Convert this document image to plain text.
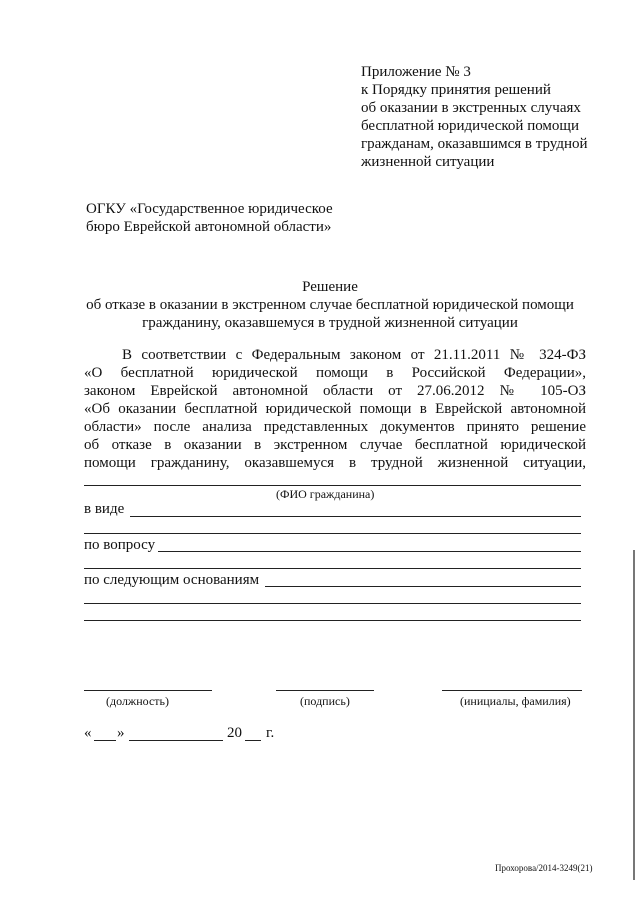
Приложение № 3
к Порядку принятия решений
об оказании в экстренных случаях
бесплатной юридической помощи
гражданам, оказавшимся в трудной
жизненной ситуации
ОГКУ «Государственное юридическое
бюро Еврейской автономной области»
Решение
об отказе в оказании в экстренном случае бесплатной юридической помощи
гражданину, оказавшемуся в трудной жизненной ситуации
В соответствии с Федеральным законом от 21.11.2011 № 324-ФЗ
«О бесплатной юридической помощи в Российской Федерации»,
законом Еврейской автономной области от 27.06.2012 № 105-ОЗ
«Об оказании бесплатной юридической помощи в Еврейской автономной
области» после анализа представленных документов принято решение
об отказе в оказании в экстренном случае бесплатной юридической
помощи гражданину, оказавшемуся в трудной жизненной ситуации,
(ФИО гражданина)
в виде
по вопросу
по следующим основаниям
(должность)	(подпись)	(инициалы, фамилия)
« »	20 г.
Прохорова/2014-3249(21)
